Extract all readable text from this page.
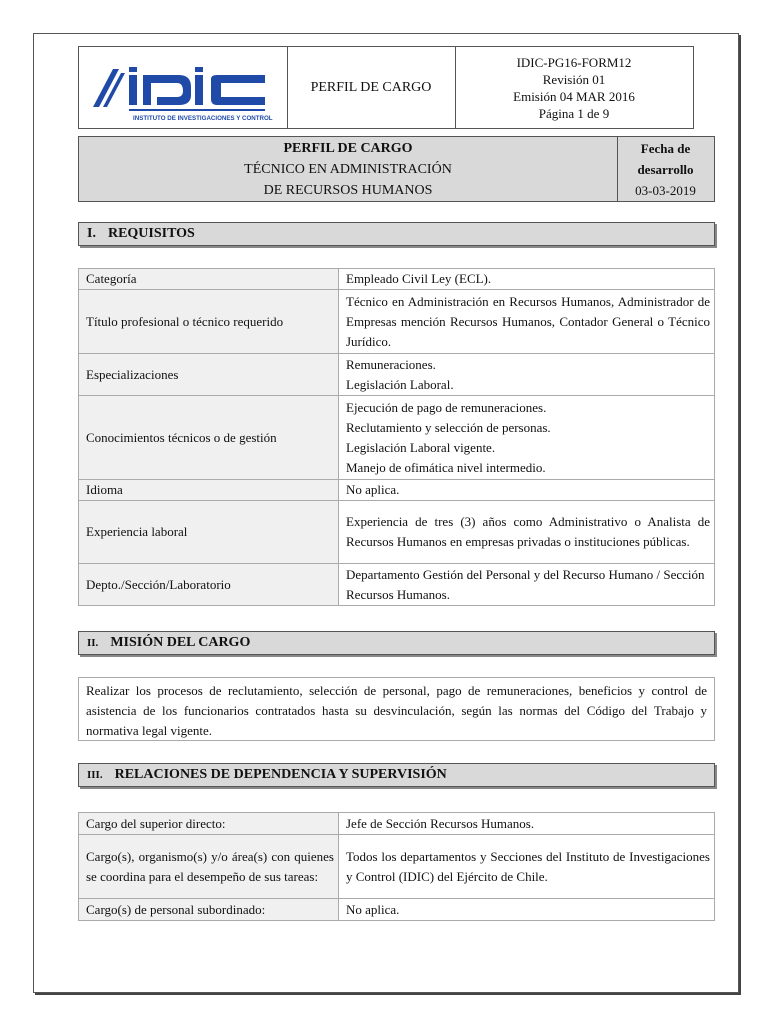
INSTITUTO DE INVESTIGACIONES Y CONTROL
PERFIL DE CARGO
IDIC-PG16-FORM12
Revisión 01
Emisión 04 MAR 2016
Página 1 de 9
PERFIL DE CARGO
TÉCNICO EN ADMINISTRACIÓN
DE RECURSOS HUMANOS
Fecha de
desarrollo
03-03-2019
I. REQUISITOS
Categoría	Empleado Civil Ley (ECL).

Título profesional o técnico requerido	Técnico en Administración en Recursos Humanos, Administrador de Empresas mención Recursos Humanos, Contador General o Técnico Jurídico.

Especializaciones	Remuneraciones.
Legislación Laboral.

Conocimientos técnicos o de gestión	Ejecución de pago de remuneraciones.
Reclutamiento y selección de personas.
Legislación Laboral vigente.
Manejo de ofimática nivel intermedio.

Idioma	No aplica.

Experiencia laboral	Experiencia de tres (3) años como Administrativo o Analista de Recursos Humanos en empresas privadas o instituciones públicas.

Depto./Sección/Laboratorio	Departamento Gestión del Personal y del Recurso Humano / Sección Recursos Humanos.
II. MISIÓN DEL CARGO
Realizar los procesos de reclutamiento, selección de personal, pago de remuneraciones, beneficios y control de asistencia de los funcionarios contratados hasta su desvinculación, según las normas del Código del Trabajo y normativa legal vigente.
III. RELACIONES DE DEPENDENCIA Y SUPERVISIÓN
Cargo del superior directo:	Jefe de Sección Recursos Humanos.
Cargo(s), organismo(s) y/o área(s) con quienes se coordina para el desempeño de sus tareas:	Todos los departamentos y Secciones del Instituto de Investigaciones y Control (IDIC) del Ejército de Chile.
Cargo(s) de personal subordinado:	No aplica.
